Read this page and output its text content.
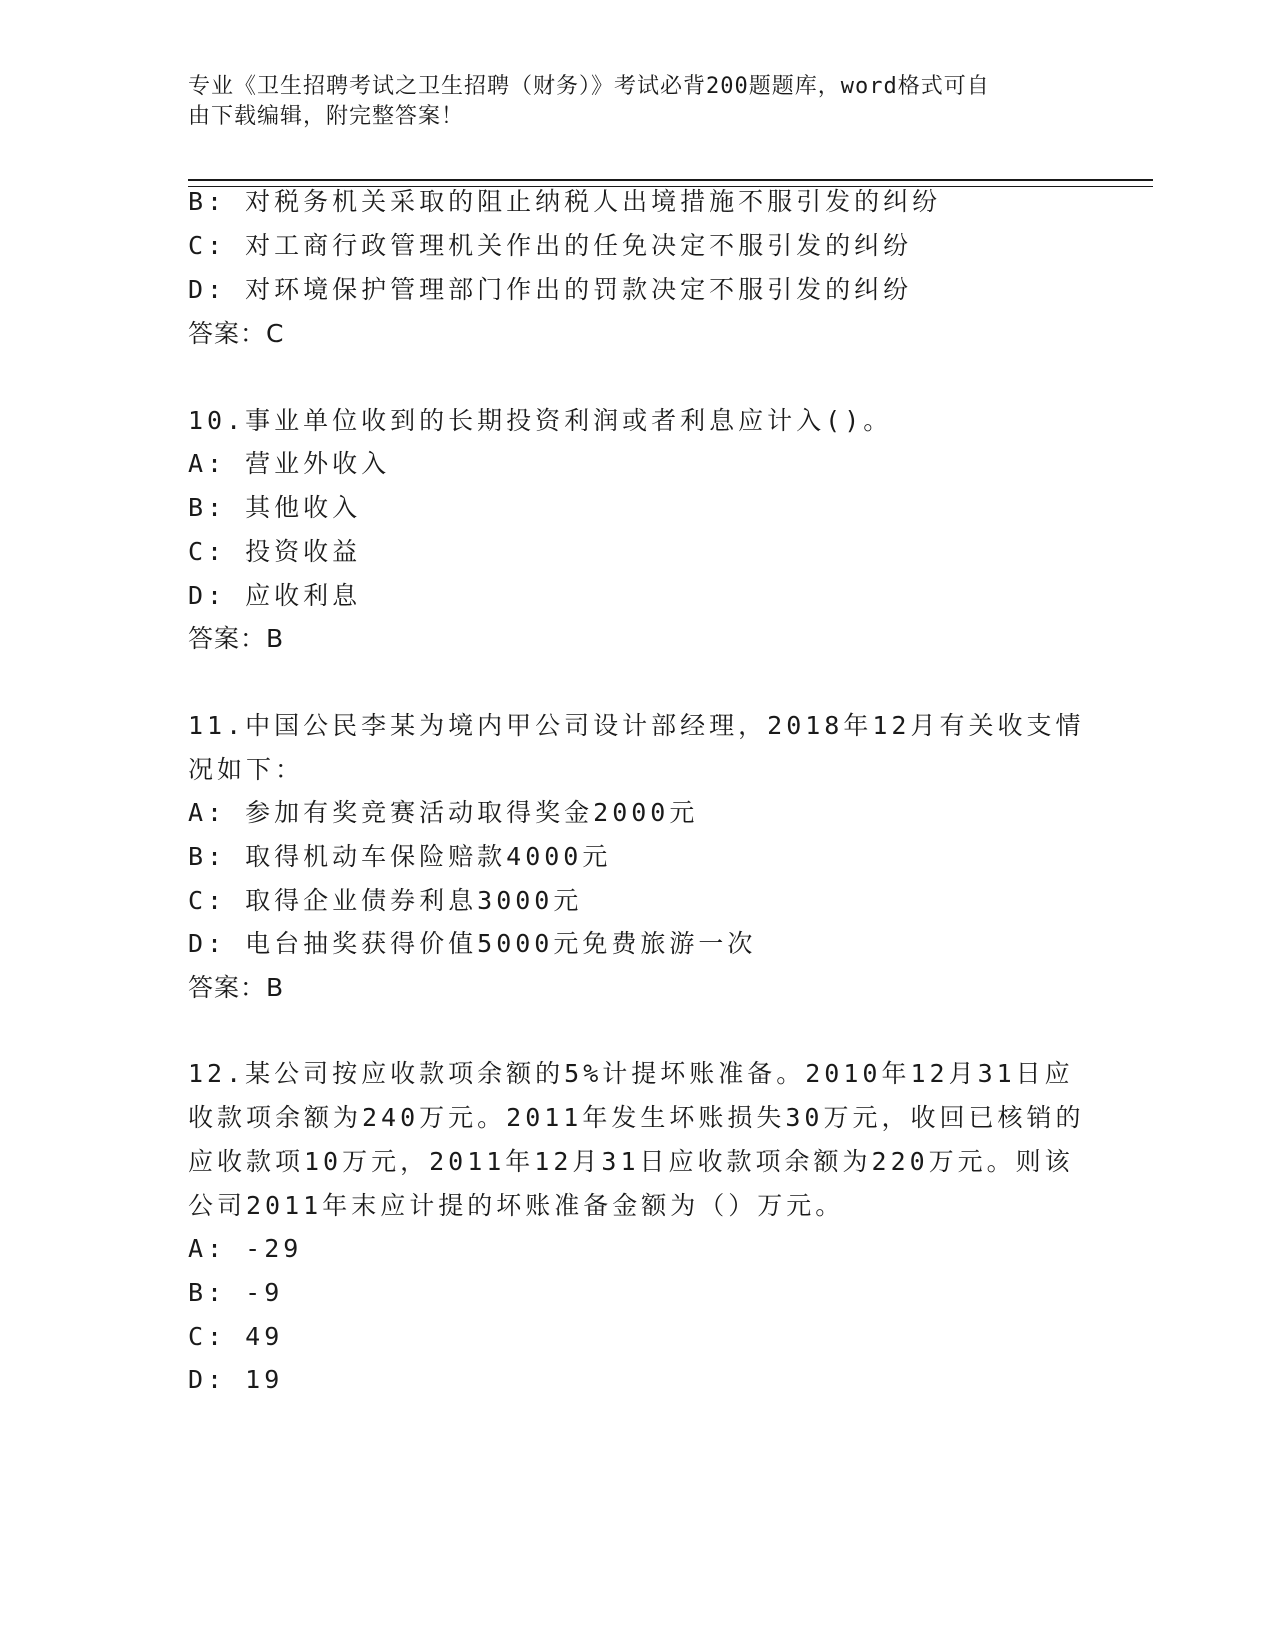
专业《卫生招聘考试之卫生招聘（财务）》考试必背200题题库，word格式可自
由下载编辑，附完整答案！
B: 对税务机关采取的阻止纳税人出境措施不服引发的纠纷
C: 对工商行政管理机关作出的任免决定不服引发的纠纷
D: 对环境保护管理部门作出的罚款决定不服引发的纠纷
答案：C
10.事业单位收到的长期投资利润或者利息应计入()。
A: 营业外收入
B: 其他收入
C: 投资收益
D: 应收利息
答案：B
11.中国公民李某为境内甲公司设计部经理，2018年12月有关收支情
况如下：
A: 参加有奖竞赛活动取得奖金2000元
B: 取得机动车保险赔款4000元
C: 取得企业债券利息3000元
D: 电台抽奖获得价值5000元免费旅游一次
答案：B
12.某公司按应收款项余额的5%计提坏账准备。2010年12月31日应
收款项余额为240万元。2011年发生坏账损失30万元，收回已核销的
应收款项10万元，2011年12月31日应收款项余额为220万元。则该
公司2011年末应计提的坏账准备金额为（）万元。
A: -29
B: -9
C: 49
D: 19
